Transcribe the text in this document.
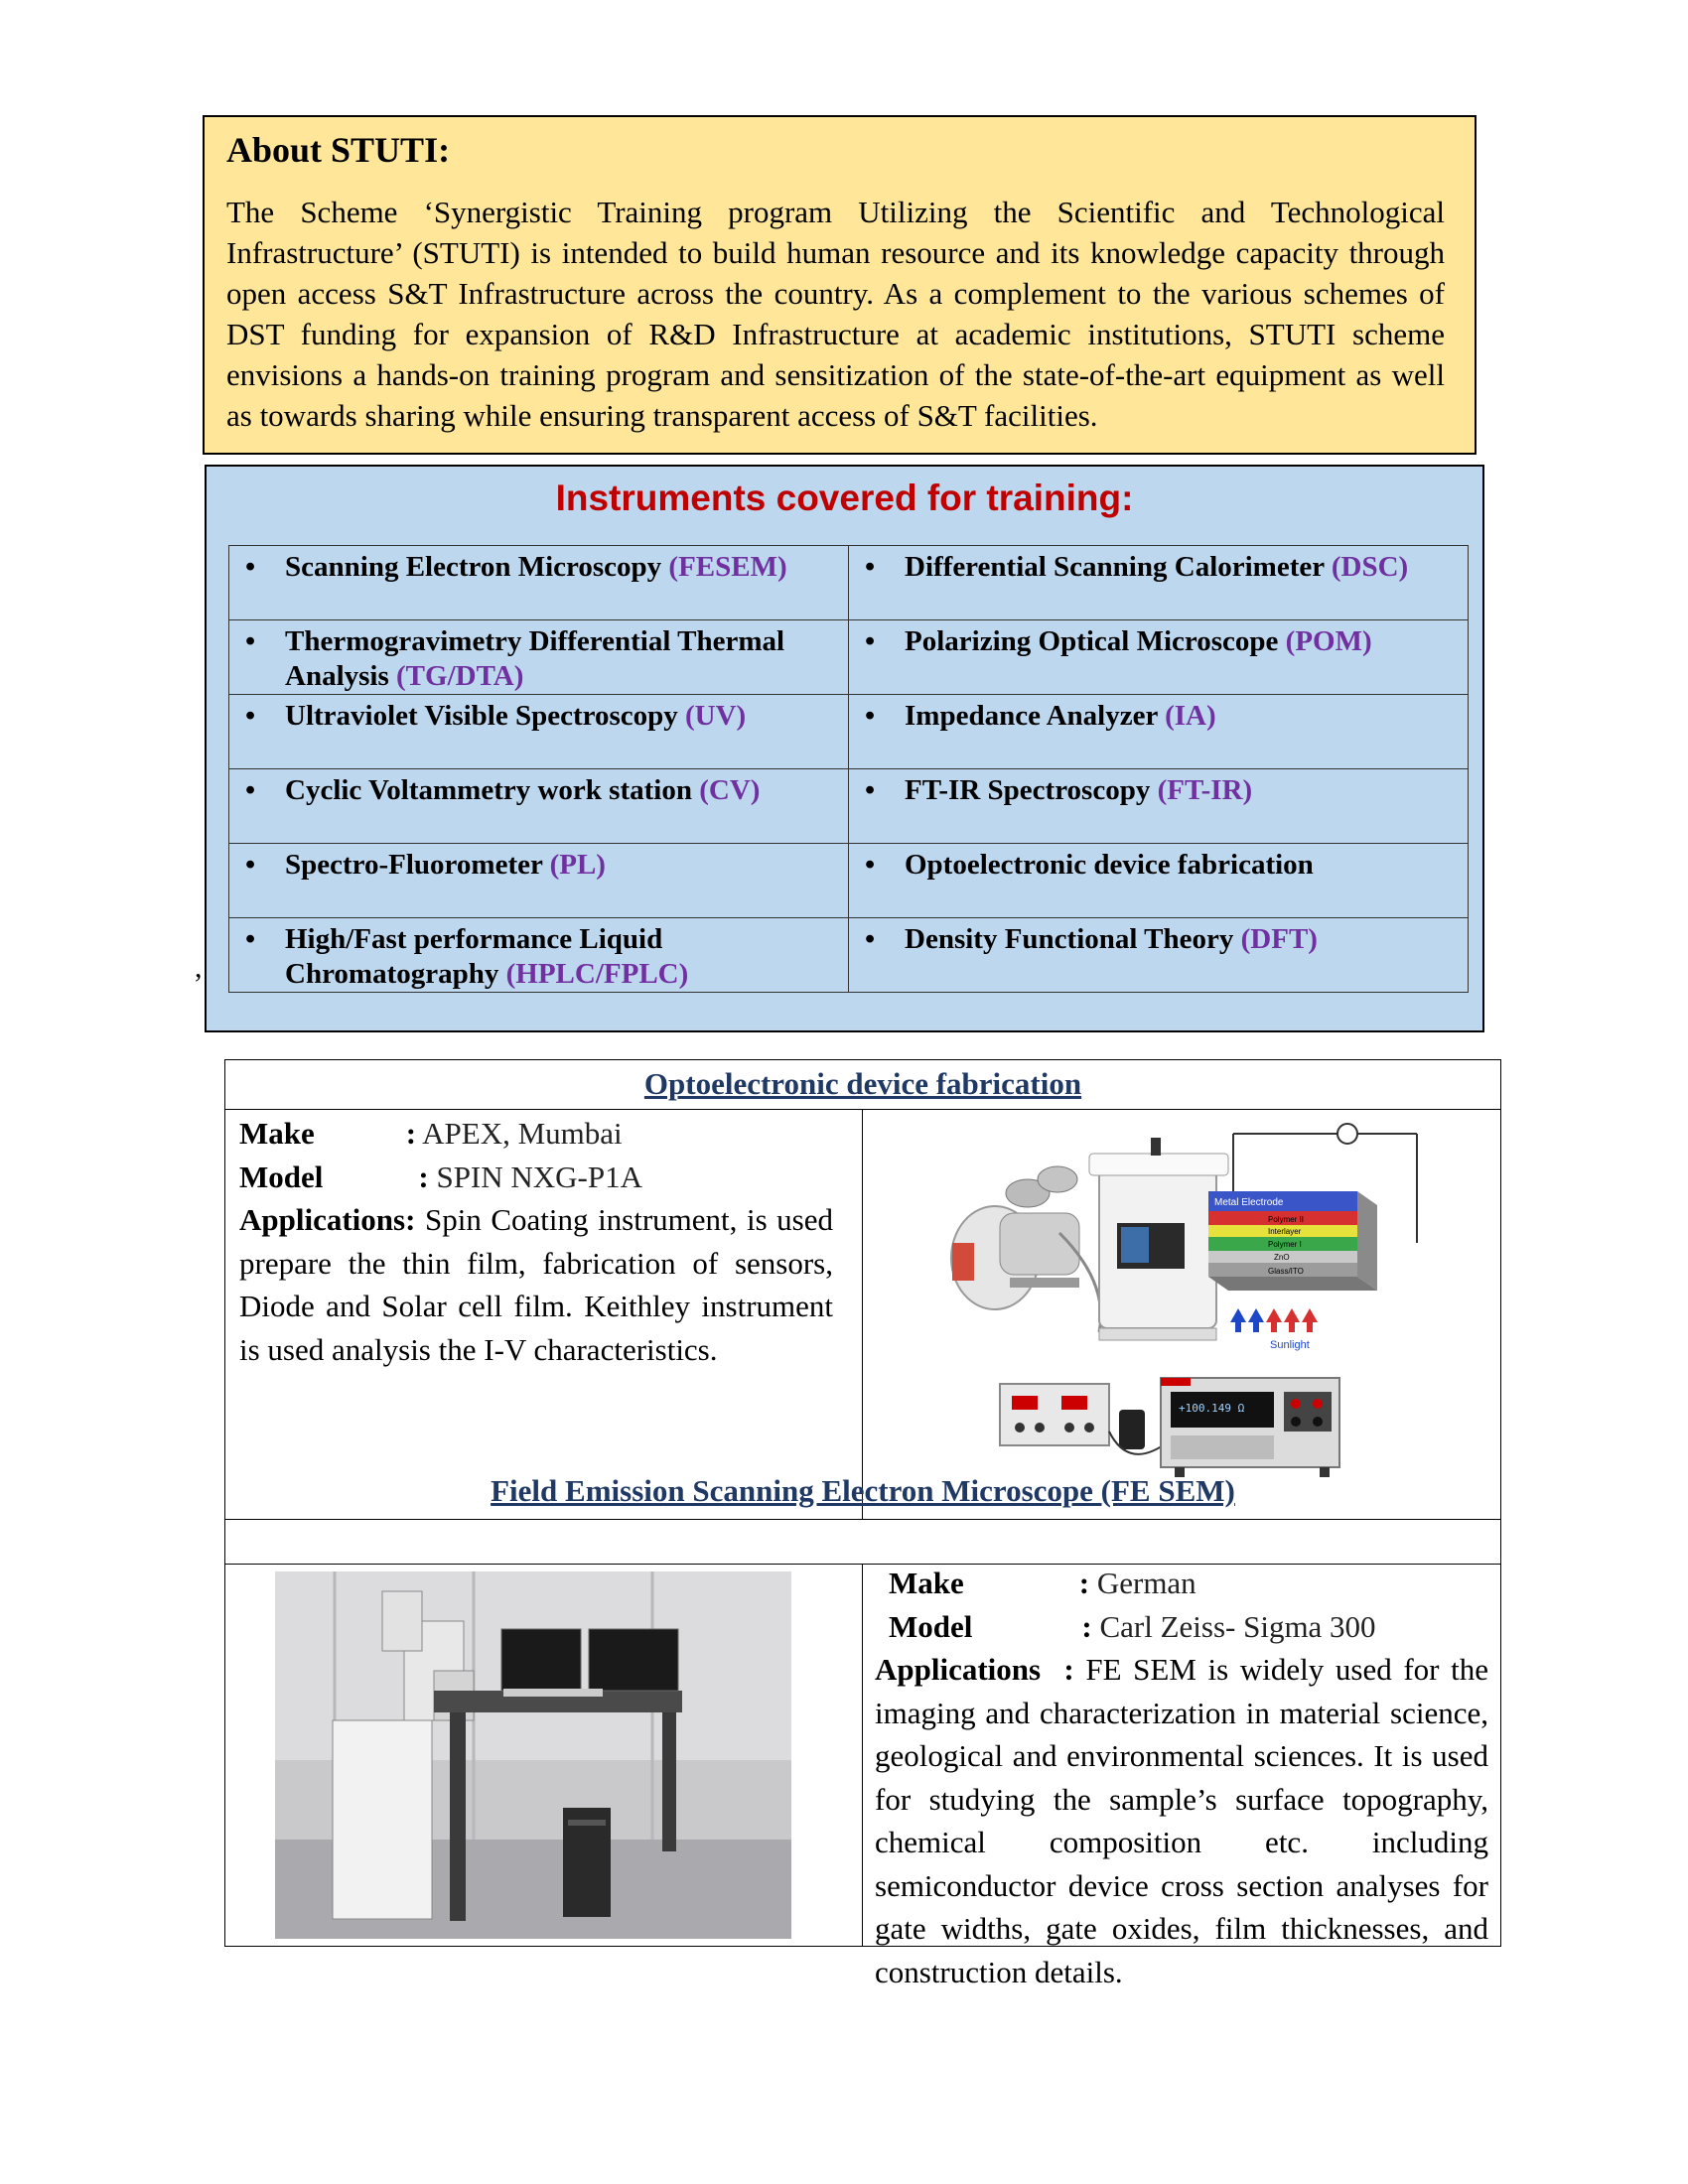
About STUTI:

The Scheme ‘Synergistic Training program Utilizing the Scientific and Technological Infrastructure’ (STUTI) is intended to build human resource and its knowledge capacity through open access S&T Infrastructure across the country. As a complement to the various schemes of DST funding for expansion of R&D Infrastructure at academic institutions, STUTI scheme envisions a hands-on training program and sensitization of the state-of-the-art equipment as well as towards sharing while ensuring transparent access of S&T facilities.

Instruments covered for training:
• Scanning Electron Microscopy (FESEM)	• Differential Scanning Calorimeter (DSC)

• Thermogravimetry Differential Thermal Analysis (TG/DTA)	• Polarizing Optical Microscope (POM)

• Ultraviolet Visible Spectroscopy (UV)	• Impedance Analyzer (IA)

• Cyclic Voltammetry work station (CV)	• FT-IR Spectroscopy (FT-IR)

• Spectro-Fluorometer (PL)	• Optoelectronic device fabrication

• High/Fast performance Liquid Chromatography (HPLC/FPLC)	• Density Functional Theory (DFT)
,
Optoelectronic device fabrication
Make	: APEX, Mumbai
Model	: SPIN NXG-P1A
Applications: Spin Coating instrument, is used prepare the thin film, fabrication of sensors, Diode and Solar cell film. Keithley instrument is used analysis the I-V characteristics.
Metal Electrode
Polymer II
Interlayer
Polymer I
ZnO
Glass/ITO
Sunlight
+100.149 Ω
Field Emission Scanning Electron Microscope (FE SEM)
Make	: German
Model	: Carl Zeiss- Sigma 300
Applications : FE SEM is widely used for the imaging and characterization in material science, geological and environmental sciences. It is used for studying the sample’s surface topography, chemical composition etc. including semiconductor device cross section analyses for gate widths, gate oxides, film thicknesses, and construction details.
